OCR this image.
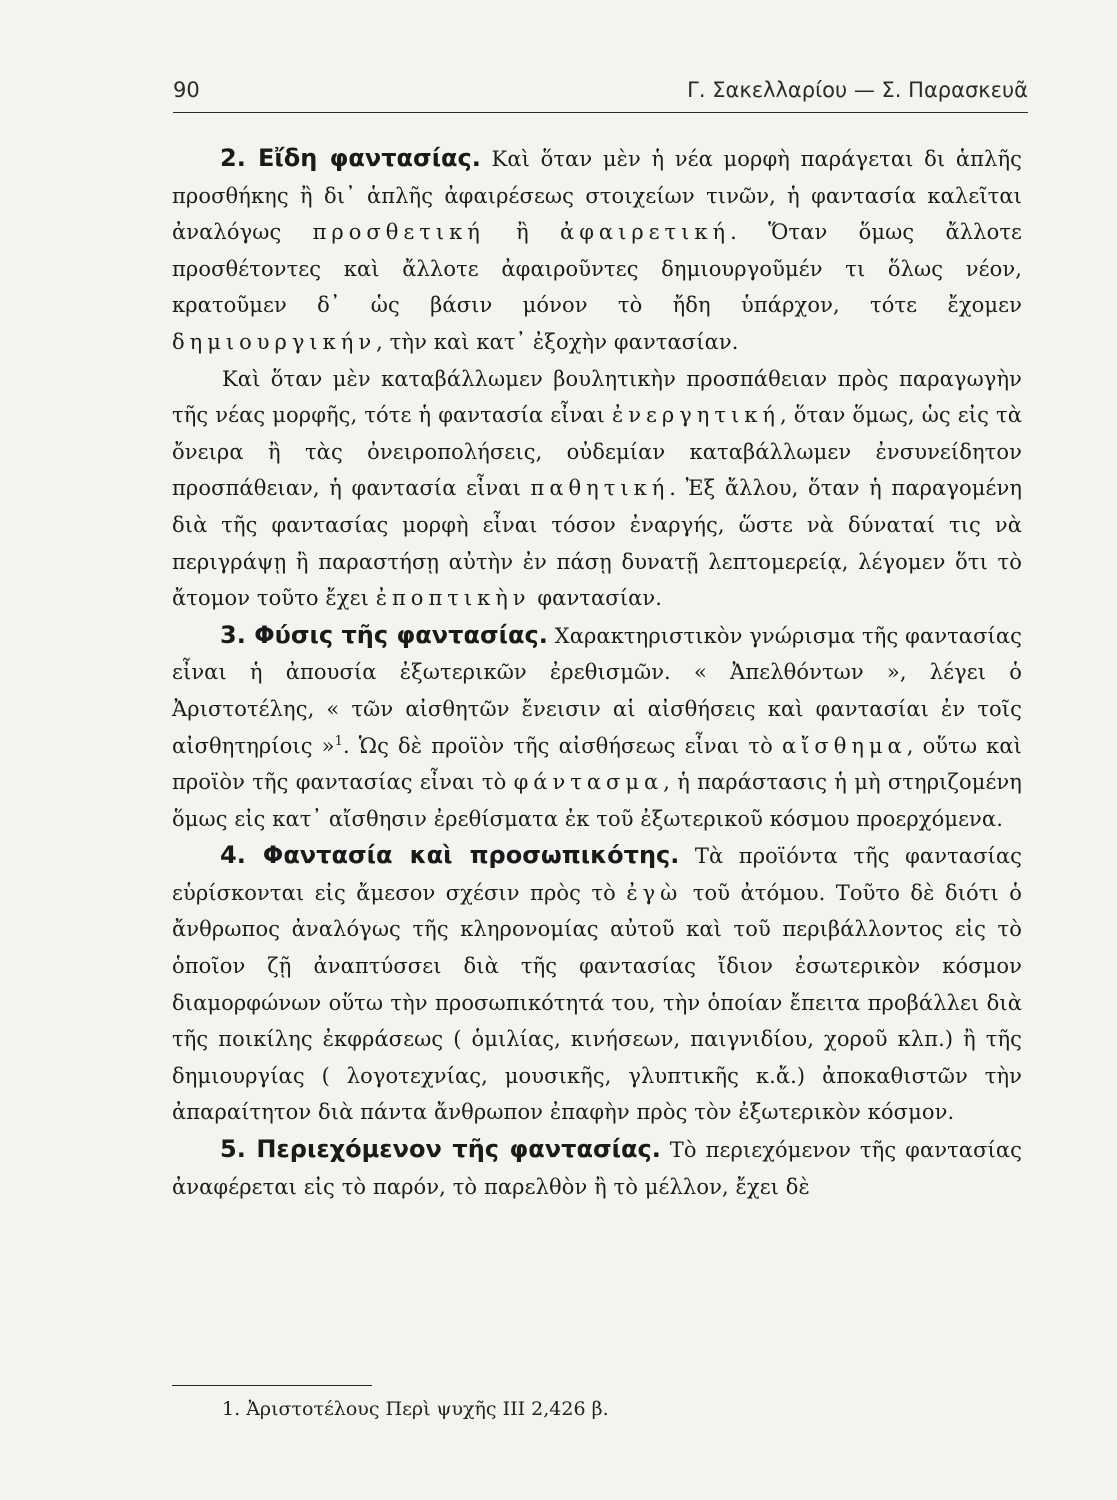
90	Γ. Σακελλαρίου — Σ. Παρασκευᾶ

2. Εἴδη φαντασίας. Καὶ ὅταν μὲν ἡ νέα μορφὴ παράγεται δι ἁπλῆς προσθήκης ἢ δι᾽ ἁπλῆς ἀφαιρέσεως στοιχείων τινῶν, ἡ φαντασία καλεῖται ἀναλόγως προσθετική ἢ ἀφαιρετική. Ὅταν ὅμως ἄλλοτε προσθέτοντες καὶ ἄλλοτε ἀφαιροῦντες δημιουργοῦμέν τι ὅλως νέον, κρατοῦμεν δ᾽ ὡς βάσιν μόνον τὸ ἤδη ὑπάρχον, τότε ἔχομεν δημιουργικήν, τὴν καὶ κατ᾽ ἐξοχὴν φαντασίαν.

Καὶ ὅταν μὲν καταβάλλωμεν βουλητικὴν προσπάθειαν πρὸς παραγωγὴν τῆς νέας μορφῆς, τότε ἡ φαντασία εἶναι ἐνεργητική, ὅταν ὅμως, ὡς εἰς τὰ ὄνειρα ἢ τὰς ὀνειροπολήσεις, οὐδεμίαν καταβάλλωμεν ἐνσυνείδητον προσπάθειαν, ἡ φαντασία εἶναι παθητική. Ἐξ ἄλλου, ὅταν ἡ παραγομένη διὰ τῆς φαντασίας μορφὴ εἶναι τόσον ἐναργής, ὥστε νὰ δύναταί τις νὰ περιγράψῃ ἢ παραστήσῃ αὐτὴν ἐν πάσῃ δυνατῇ λεπτομερείᾳ, λέγομεν ὅτι τὸ ἄτομον τοῦτο ἔχει ἐποπτικὴν φαντασίαν.

3. Φύσις τῆς φαντασίας. Χαρακτηριστικὸν γνώρισμα τῆς φαντασίας εἶναι ἡ ἀπουσία ἐξωτερικῶν ἐρεθισμῶν. « Ἀπελθόντων », λέγει ὁ Ἀριστοτέλης, « τῶν αἰσθητῶν ἔνεισιν αἱ αἰσθήσεις καὶ φαντασίαι ἐν τοῖς αἰσθητηρίοις »$^1$. Ὡς δὲ προϊὸν τῆς αἰσθήσεως εἶναι τὸ αἴσθημα, οὕτω καὶ προϊὸν τῆς φαντασίας εἶναι τὸ φάντασμα, ἡ παράστασις ἡ μὴ στηριζομένη ὅμως εἰς κατ᾽ αἴσθησιν ἐρεθίσματα ἐκ τοῦ ἐξωτερικοῦ κόσμου προερχόμενα.

4. Φαντασία καὶ προσωπικότης. Τὰ προϊόντα τῆς φαντασίας εὑρίσκονται εἰς ἄμεσον σχέσιν πρὸς τὸ ἐγὼ τοῦ ἀτόμου. Τοῦτο δὲ διότι ὁ ἄνθρωπος ἀναλόγως τῆς κληρονομίας αὐτοῦ καὶ τοῦ περιβάλλοντος εἰς τὸ ὁποῖον ζῇ ἀναπτύσσει διὰ τῆς φαντασίας ἴδιον ἐσωτερικὸν κόσμον διαμορφώνων οὕτω τὴν προσωπικότητά του, τὴν ὁποίαν ἔπειτα προβάλλει διὰ τῆς ποικίλης ἐκφράσεως ( ὁμιλίας, κινήσεων, παιγνιδίου, χοροῦ κλπ.) ἢ τῆς δημιουργίας ( λογοτεχνίας, μουσικῆς, γλυπτικῆς κ.ἄ.) ἀποκαθιστῶν τὴν ἀπαραίτητον διὰ πάντα ἄνθρωπον ἐπαφὴν πρὸς τὸν ἐξωτερικὸν κόσμον.

5. Περιεχόμενον τῆς φαντασίας. Τὸ περιεχόμενον τῆς φαντασίας ἀναφέρεται εἰς τὸ παρόν, τὸ παρελθὸν ἢ τὸ μέλλον, ἔχει δὲ

1. Ἀριστοτέλους Περὶ ψυχῆς III 2,426 β.
